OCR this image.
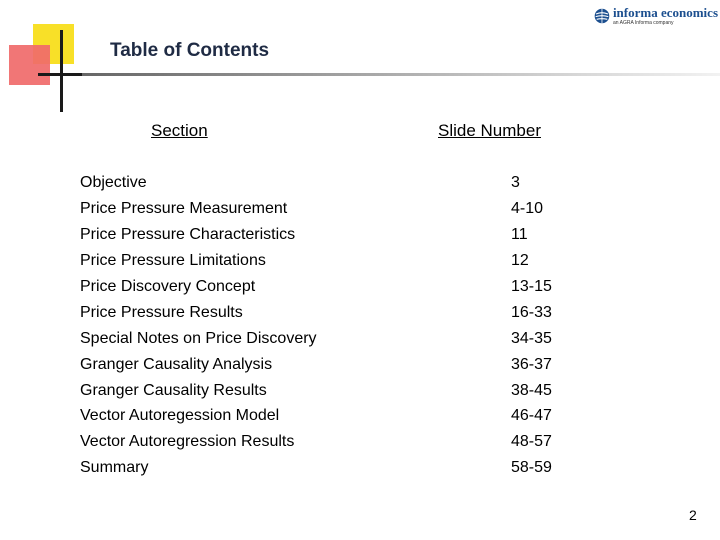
informa economics
an AGRA Informa company
Table of Contents
Section	Slide Number
Objective	3
Price Pressure Measurement	4-10
Price Pressure Characteristics	11
Price Pressure Limitations	12
Price Discovery Concept	13-15
Price Pressure Results	16-33
Special Notes on Price Discovery	34-35
Granger Causality Analysis	36-37
Granger Causality Results	38-45
Vector Autoregession Model	46-47
Vector Autoregression Results	48-57
Summary	58-59
2
